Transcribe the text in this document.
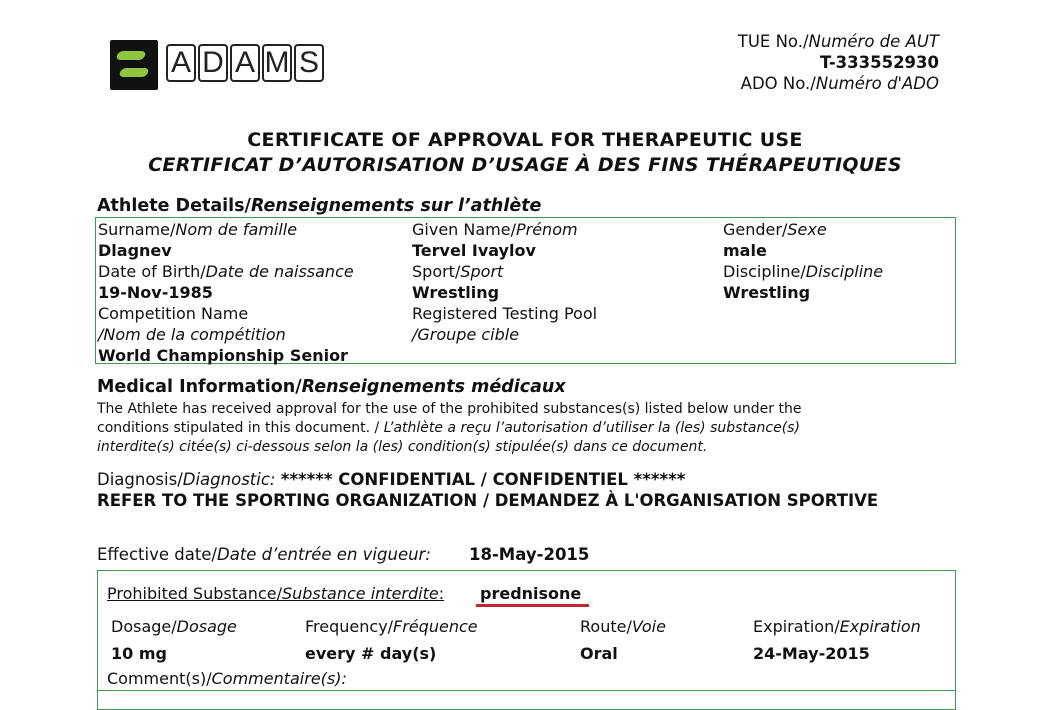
A D A M S
TUE No./Numéro de AUT
T-333552930
ADO No./Numéro d'ADO
CERTIFICATE OF APPROVAL FOR THERAPEUTIC USE
CERTIFICAT D’AUTORISATION D’USAGE À DES FINS THÉRAPEUTIQUES
Athlete Details/Renseignements sur l’athlète
Surname/Nom de famille
Dlagnev
Date of Birth/Date de naissance
19-Nov-1985
Competition Name
/Nom de la compétition
World Championship Senior
Given Name/Prénom
Tervel Ivaylov
Sport/Sport
Wrestling
Registered Testing Pool
/Groupe cible
Gender/Sexe
male
Discipline/Discipline
Wrestling
Medical Information/Renseignements médicaux
The Athlete has received approval for the use of the prohibited substances(s) listed below under the
conditions stipulated in this document. / L’athlète a reçu l’autorisation d’utiliser la (les) substance(s)
interdite(s) citée(s) ci-dessous selon la (les) condition(s) stipulée(s) dans ce document.
Diagnosis/Diagnostic: ****** CONFIDENTIAL / CONFIDENTIEL ******
REFER TO THE SPORTING ORGANIZATION / DEMANDEZ À L'ORGANISATION SPORTIVE
Effective date/Date d’entrée en vigueur: 18-May-2015
Prohibited Substance/Substance interdite: prednisone
Dosage/Dosage
10 mg
Frequency/Fréquence
every # day(s)
Route/Voie
Oral
Expiration/Expiration
24-May-2015
Comment(s)/Commentaire(s):
